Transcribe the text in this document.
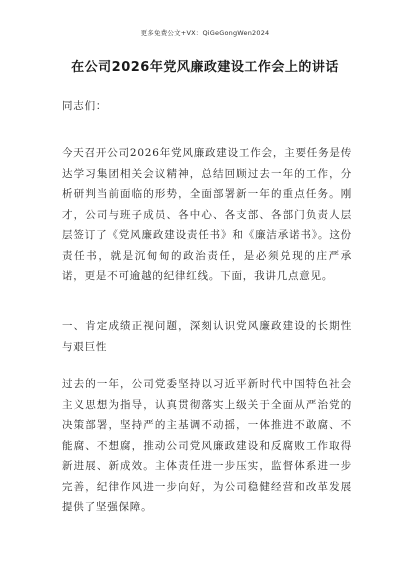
更多免费公文+VX：QiGeGongWen2024
在公司2026年党风廉政建设工作会上的讲话

同志们：

今天召开公司2026年党风廉政建设工作会，主要任务是传达学习集团相关会议精神，总结回顾过去一年的工作，分析研判当前面临的形势，全面部署新一年的重点任务。刚才，公司与班子成员、各中心、各支部、各部门负责人层层签订了《党风廉政建设责任书》和《廉洁承诺书》。这份责任书，就是沉甸甸的政治责任，是必须兑现的庄严承诺，更是不可逾越的纪律红线。下面，我讲几点意见。

一、肯定成绩正视问题，深刻认识党风廉政建设的长期性与艰巨性

过去的一年，公司党委坚持以习近平新时代中国特色社会主义思想为指导，认真贯彻落实上级关于全面从严治党的决策部署，坚持严的主基调不动摇，一体推进不敢腐、不能腐、不想腐，推动公司党风廉政建设和反腐败工作取得新进展、新成效。主体责任进一步压实，监督体系进一步完善，纪律作风进一步向好，为公司稳健经营和改革发展提供了坚强保障。
